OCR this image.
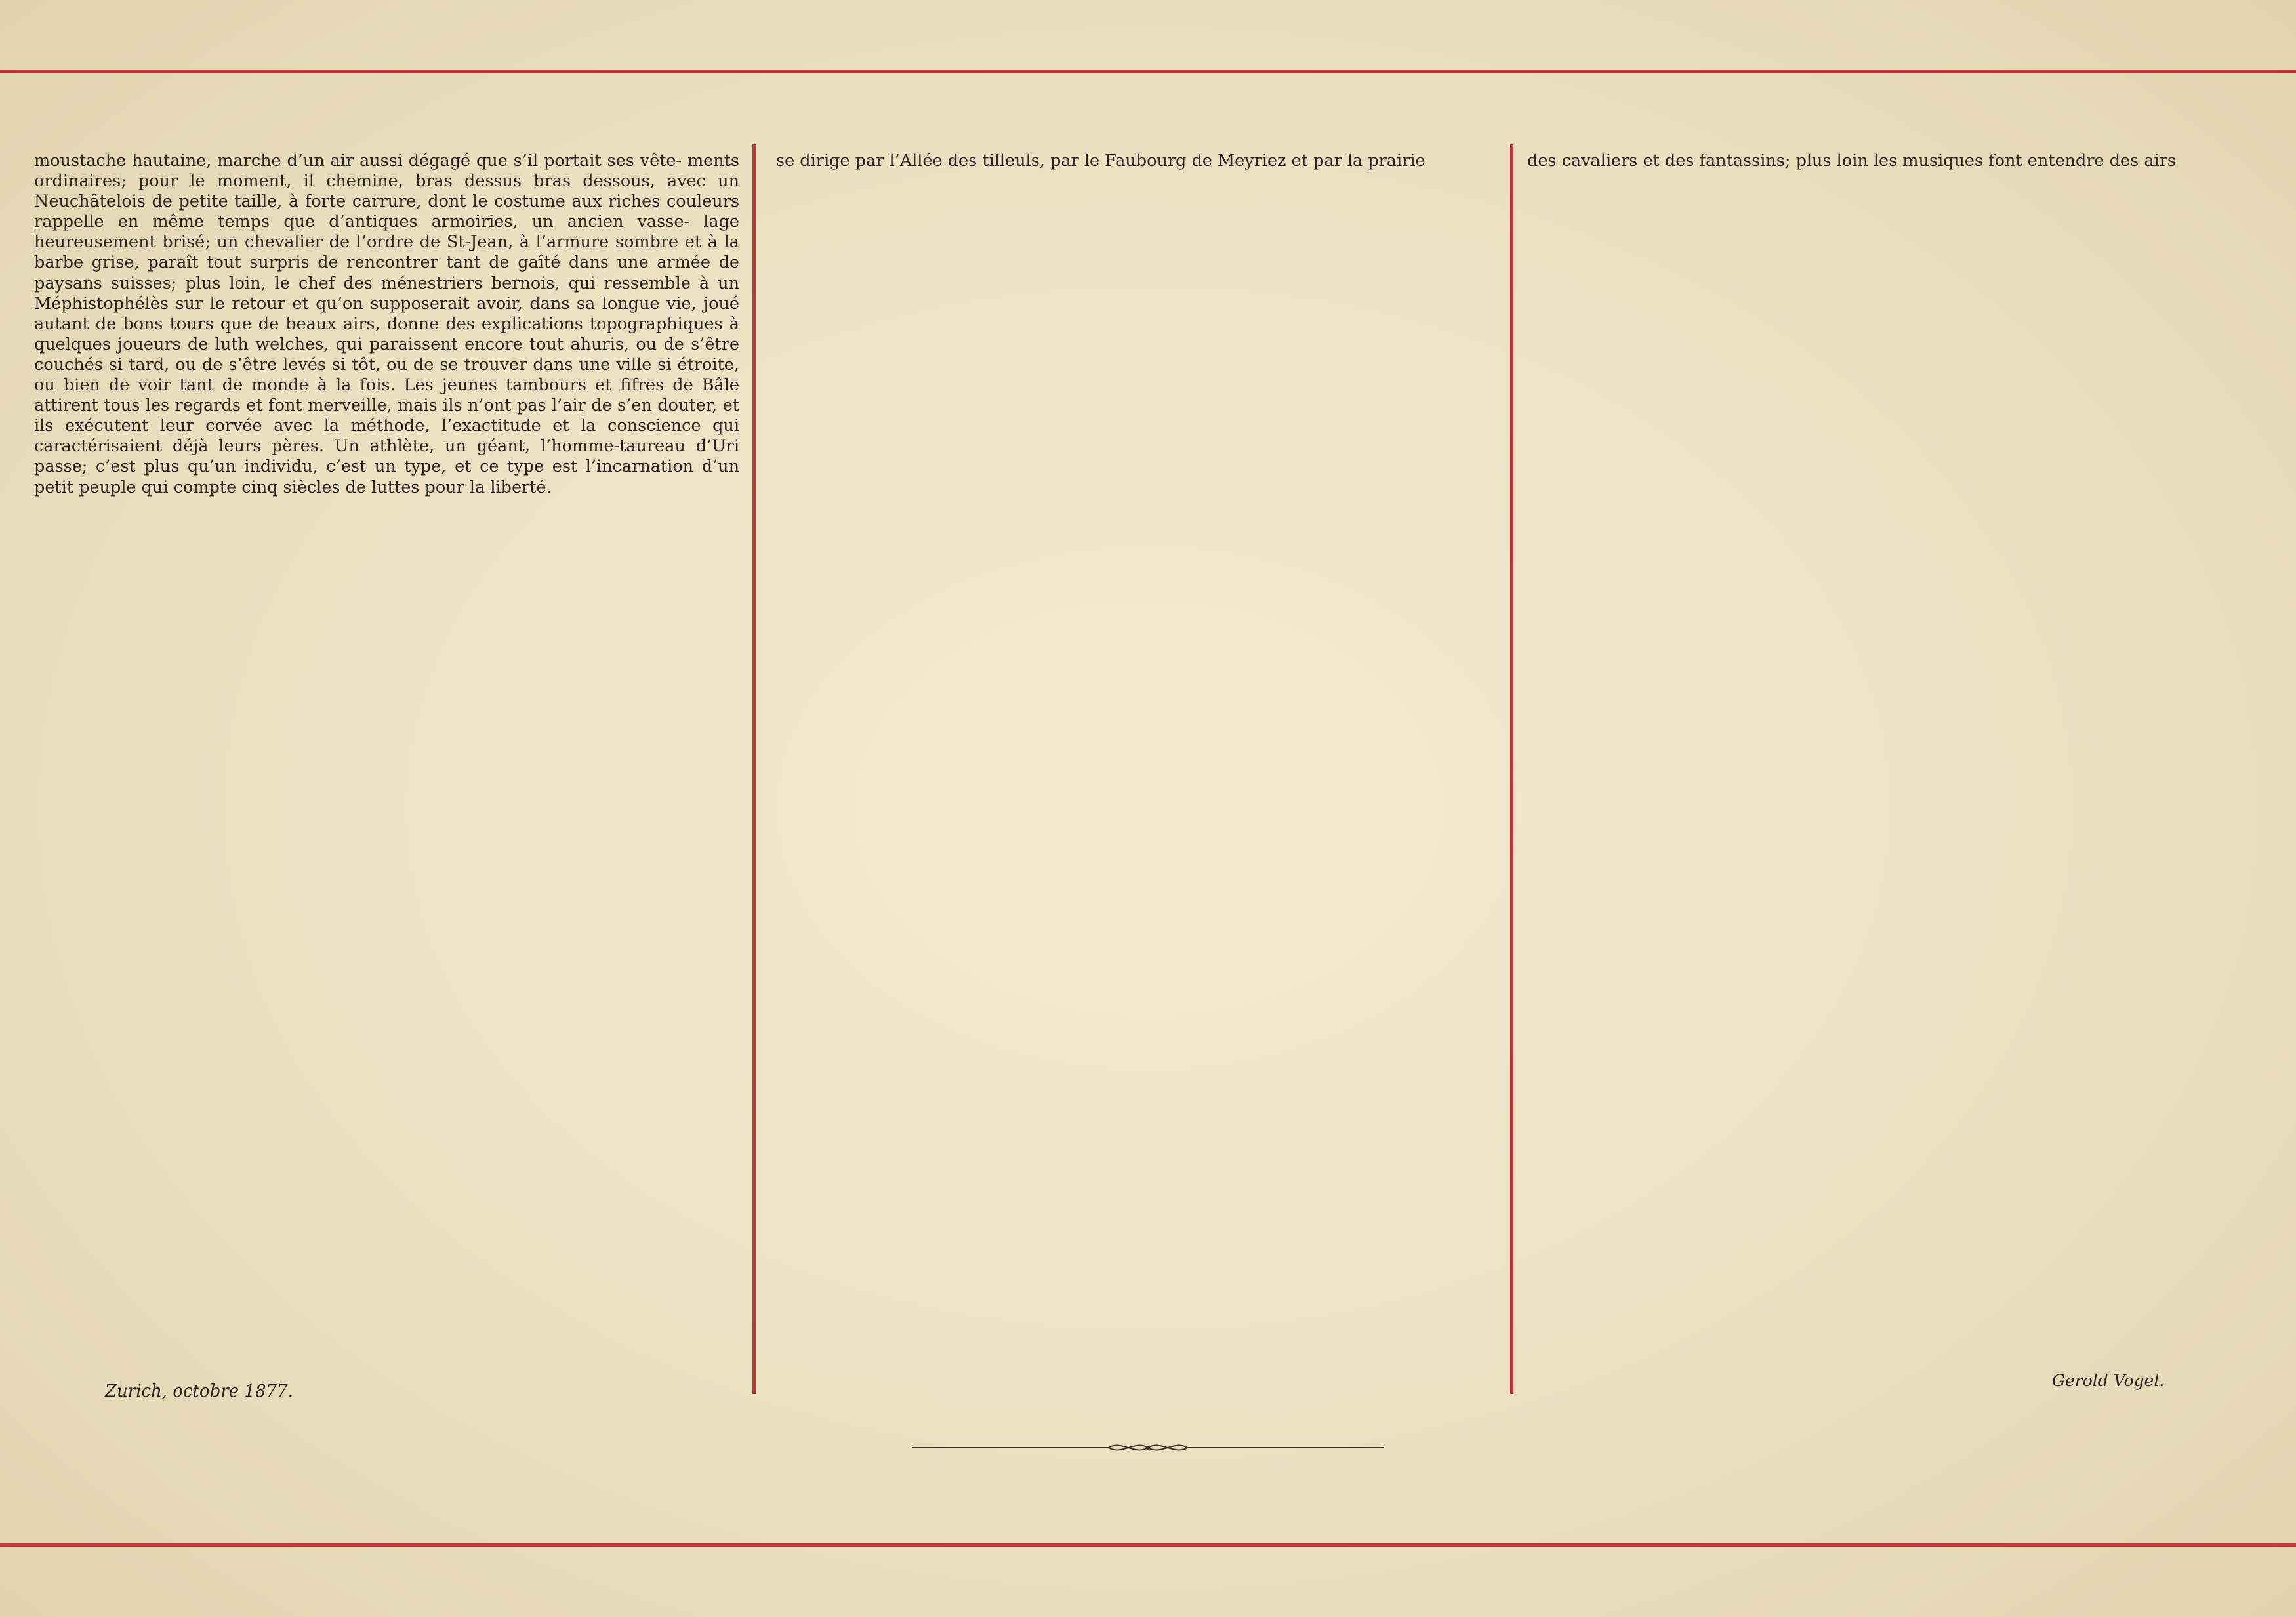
moustache hautaine, marche d’un air aussi dégagé que s’il portait ses vête- ments ordinaires; pour le moment, il chemine, bras dessus bras dessous, avec un Neuchâtelois de petite taille, à forte carrure, dont le costume aux riches couleurs rappelle en même temps que d’antiques armoiries, un ancien vasse- lage heureusement brisé; un chevalier de l’ordre de St-Jean, à l’armure sombre et à la barbe grise, paraît tout surpris de rencontrer tant de gaîté dans une armée de paysans suisses; plus loin, le chef des ménestriers bernois, qui ressemble à un Méphistophélès sur le retour et qu’on supposerait avoir, dans sa longue vie, joué autant de bons tours que de beaux airs, donne des explications topographiques à quelques joueurs de luth welches, qui paraissent encore tout ahuris, ou de s’être couchés si tard, ou de s’être levés si tôt, ou de se trouver dans une ville si étroite, ou bien de voir tant de monde à la fois. Les jeunes tambours et fifres de Bâle attirent tous les regards et font merveille, mais ils n’ont pas l’air de s’en douter, et ils exécutent leur corvée avec la méthode, l’exactitude et la conscience qui caractérisaient déjà leurs pères. Un athlète, un géant, l’homme-taureau d’Uri passe; c’est plus qu’un individu, c’est un type, et ce type est l’incarnation d’un petit peuple qui compte cinq siècles de luttes pour la liberté.

se dirige par l’Allée des tilleuls, par le Faubourg de Meyriez et par la prairie	des cavaliers et des fantassins; plus loin les musiques font entendre des airs

Zurich, octobre 1877.

Gerold Vogel.
